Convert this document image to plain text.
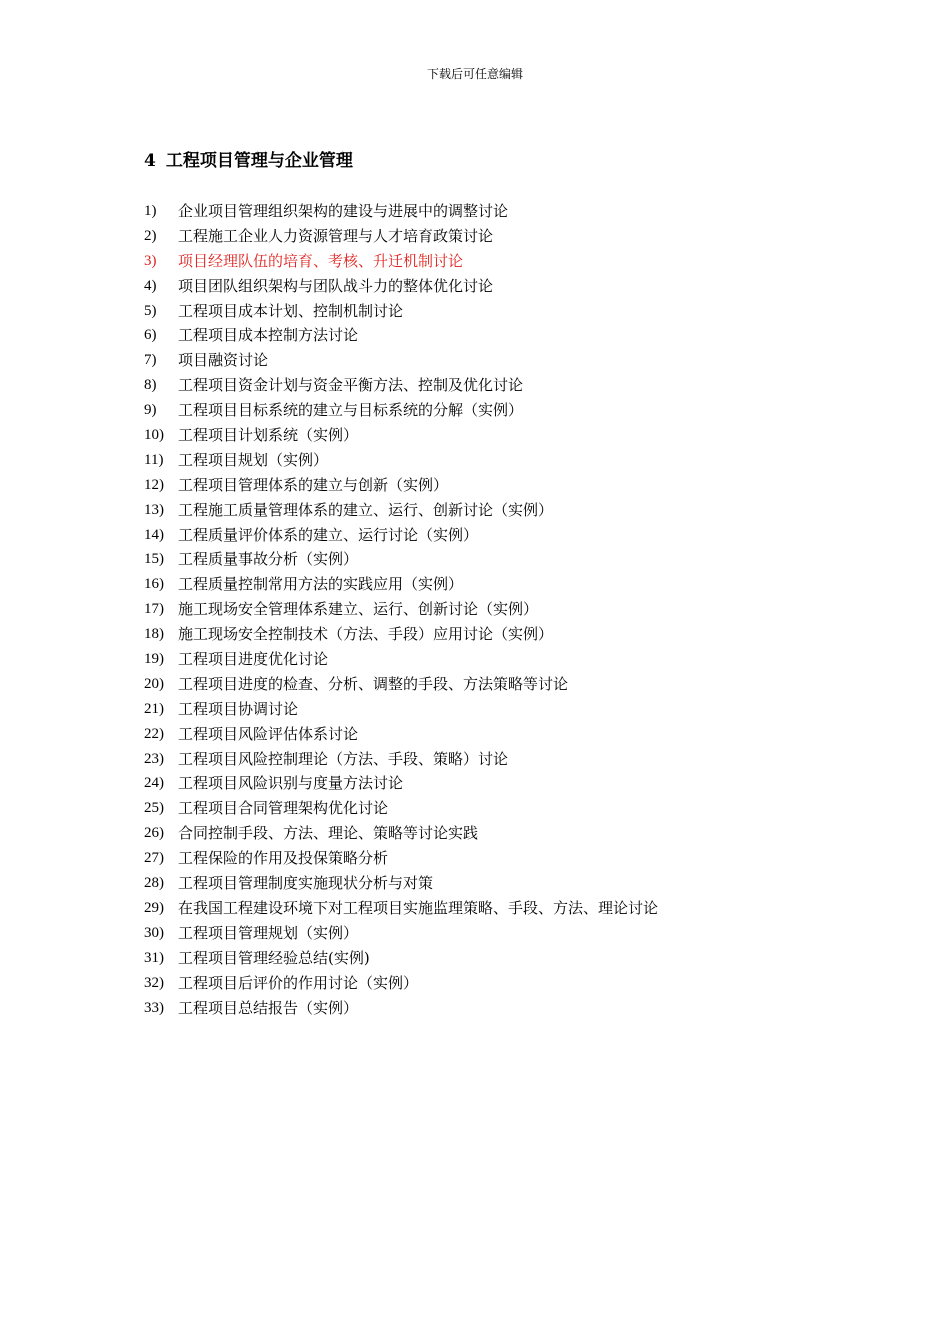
下载后可任意编辑
4 工程项目管理与企业管理
1)	企业项目管理组织架构的建设与进展中的调整讨论
2)	工程施工企业人力资源管理与人才培育政策讨论
3)	项目经理队伍的培育、考核、升迁机制讨论
4)	项目团队组织架构与团队战斗力的整体优化讨论
5)	工程项目成本计划、控制机制讨论
6)	工程项目成本控制方法讨论
7)	项目融资讨论
8)	工程项目资金计划与资金平衡方法、控制及优化讨论
9)	工程项目目标系统的建立与目标系统的分解（实例）
10) 工程项目计划系统（实例）
11) 工程项目规划（实例）
12) 工程项目管理体系的建立与创新（实例）
13) 工程施工质量管理体系的建立、运行、创新讨论（实例）
14) 工程质量评价体系的建立、运行讨论（实例）
15) 工程质量事故分析（实例）
16) 工程质量控制常用方法的实践应用（实例）
17) 施工现场安全管理体系建立、运行、创新讨论（实例）
18) 施工现场安全控制技术（方法、手段）应用讨论（实例）
19) 工程项目进度优化讨论
20) 工程项目进度的检查、分析、调整的手段、方法策略等讨论
21) 工程项目协调讨论
22) 工程项目风险评估体系讨论
23) 工程项目风险控制理论（方法、手段、策略）讨论
24) 工程项目风险识别与度量方法讨论
25) 工程项目合同管理架构优化讨论
26) 合同控制手段、方法、理论、策略等讨论实践
27) 工程保险的作用及投保策略分析
28) 工程项目管理制度实施现状分析与对策
29) 在我国工程建设环境下对工程项目实施监理策略、手段、方法、理论讨论
30) 工程项目管理规划（实例）
31) 工程项目管理经验总结(实例)
32) 工程项目后评价的作用讨论（实例）
33) 工程项目总结报告（实例）
